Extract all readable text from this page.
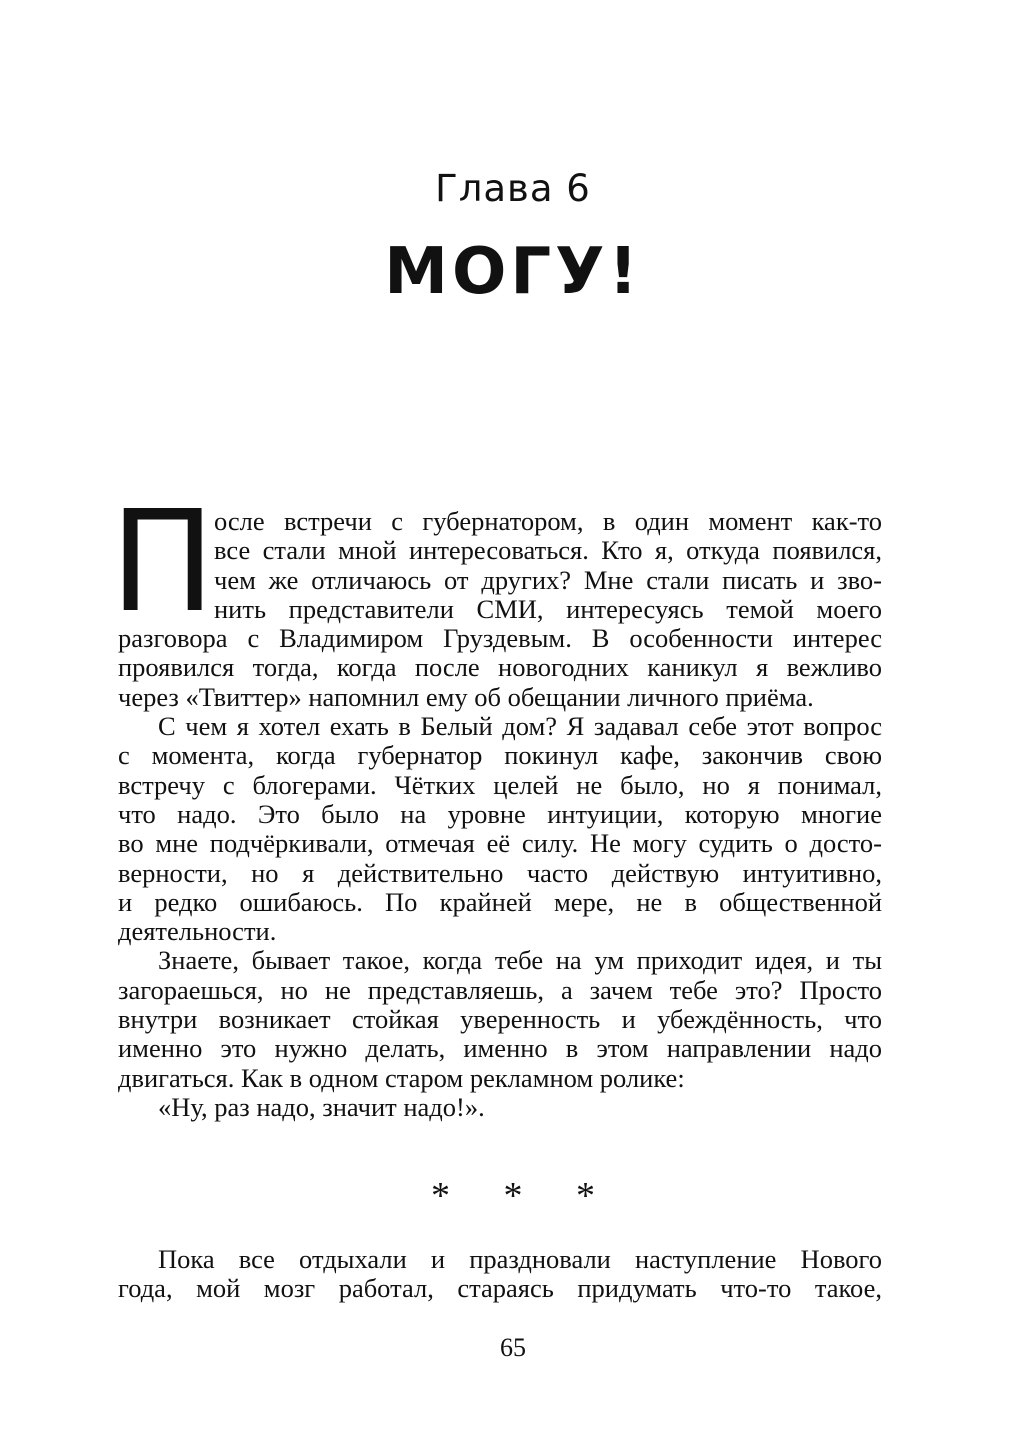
Глава 6
МОГУ!
П
осле встречи с губернатором, в один момент как-то
все стали мной интересоваться. Кто я, откуда появился,
чем же отличаюсь от других? Мне стали писать и зво-
нить представители СМИ, интересуясь темой моего
разговора с Владимиром Груздевым. В особенности интерес
проявился тогда, когда после новогодних каникул я вежливо
через «Твиттер» напомнил ему об обещании личного приёма.
С чем я хотел ехать в Белый дом? Я задавал себе этот вопрос
с момента, когда губернатор покинул кафе, закончив свою
встречу с блогерами. Чётких целей не было, но я понимал,
что надо. Это было на уровне интуиции, которую многие
во мне подчёркивали, отмечая её силу. Не могу судить о досто-
верности, но я действительно часто действую интуитивно,
и редко ошибаюсь. По крайней мере, не в общественной
деятельности.
Знаете, бывает такое, когда тебе на ум приходит идея, и ты
загораешься, но не представляешь, а зачем тебе это? Просто
внутри возникает стойкая уверенность и убеждённость, что
именно это нужно делать, именно в этом направлении надо
двигаться. Как в одном старом рекламном ролике:
«Ну, раз надо, значит надо!».
* * *
Пока все отдыхали и праздновали наступление Нового
года, мой мозг работал, стараясь придумать что-то такое,
65
